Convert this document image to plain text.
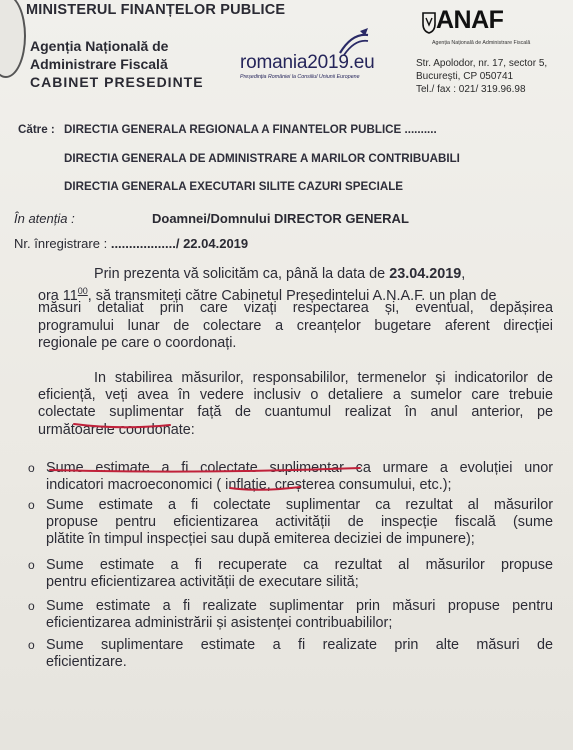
MINISTERUL FINANȚELOR PUBLICE
Agenția Națională de
Administrare Fiscală
CABINET PRESEDINTE
romania2019.eu
Președinția României la Consiliul Uniunii Europene
ANAF
Agenția Națională de Administrare Fiscală
Str. Apolodor, nr. 17, sector 5,
București, CP 050741
Tel./ fax : 021/ 319.96.98
Către : DIRECTIA GENERALA REGIONALA A FINANTELOR PUBLICE ..........
DIRECTIA GENERALA DE ADMINISTRARE A MARILOR CONTRIBUABILI
DIRECTIA GENERALA EXECUTARI SILITE CAZURI SPECIALE
În atenția :	Doamnei/Domnului DIRECTOR GENERAL
Nr. înregistrare : ................../ 22.04.2019
Prin prezenta vă solicităm ca, până la data de 23.04.2019,
ora $11^{00}$, să transmiteți către Cabinetul Președintelui A.N.A.F. un plan de
măsuri detaliat prin care vizați respectarea și, eventual, depășirea
programului lunar de colectare a creanțelor bugetare aferent direcției
regionale pe care o coordonați.
In stabilirea măsurilor, responsabililor, termenelor și indicatorilor de
eficiență, veți avea în vedere inclusiv o detaliere a sumelor care trebuie
colectate suplimentar față de cuantumul realizat în anul anterior, pe
următoarele coordonate:
o Sume estimate a fi colectate suplimentar ca urmare a evoluției unor
indicatori macroeconomici ( inflație, creșterea consumului, etc.);
o Sume estimate a fi colectate suplimentar ca rezultat al măsurilor
propuse pentru eficientizarea activității de inspecție fiscală (sume
plătite în timpul inspecției sau după emiterea deciziei de impunere);
o Sume estimate a fi recuperate ca rezultat al măsurilor propuse
pentru eficientizarea activității de executare silită;
o Sume estimate a fi realizate suplimentar prin măsuri propuse pentru
eficientizarea administrării și asistenței contribuabililor;
o Sume suplimentare estimate a fi realizate prin alte măsuri de
eficientizare.
